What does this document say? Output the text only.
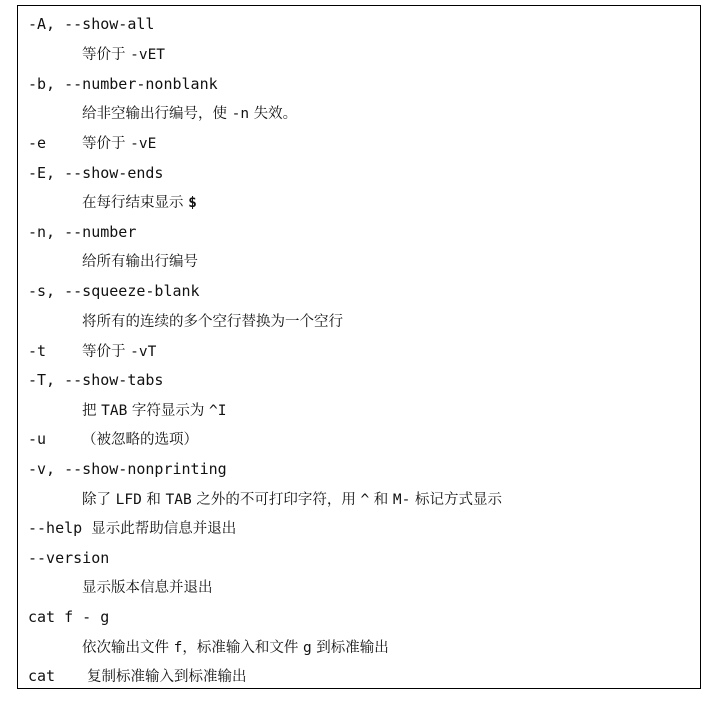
-A, --show-all
等价于 -vET
-b, --number-nonblank
给非空输出行编号，使 -n 失效。
-e 等价于 -vE
-E, --show-ends
在每行结束显示 $
-n, --number
给所有输出行编号
-s, --squeeze-blank
将所有的连续的多个空行替换为一个空行
-t 等价于 -vT
-T, --show-tabs
把 TAB 字符显示为 ^I
-u （被忽略的选项）
-v, --show-nonprinting
除了 LFD 和 TAB 之外的不可打印字符，用 ^ 和 M- 标记方式显示
--help 显示此帮助信息并退出
--version
显示版本信息并退出
cat f - g
依次输出文件 f，标准输入和文件 g 到标准输出
cat 复制标准输入到标准输出
